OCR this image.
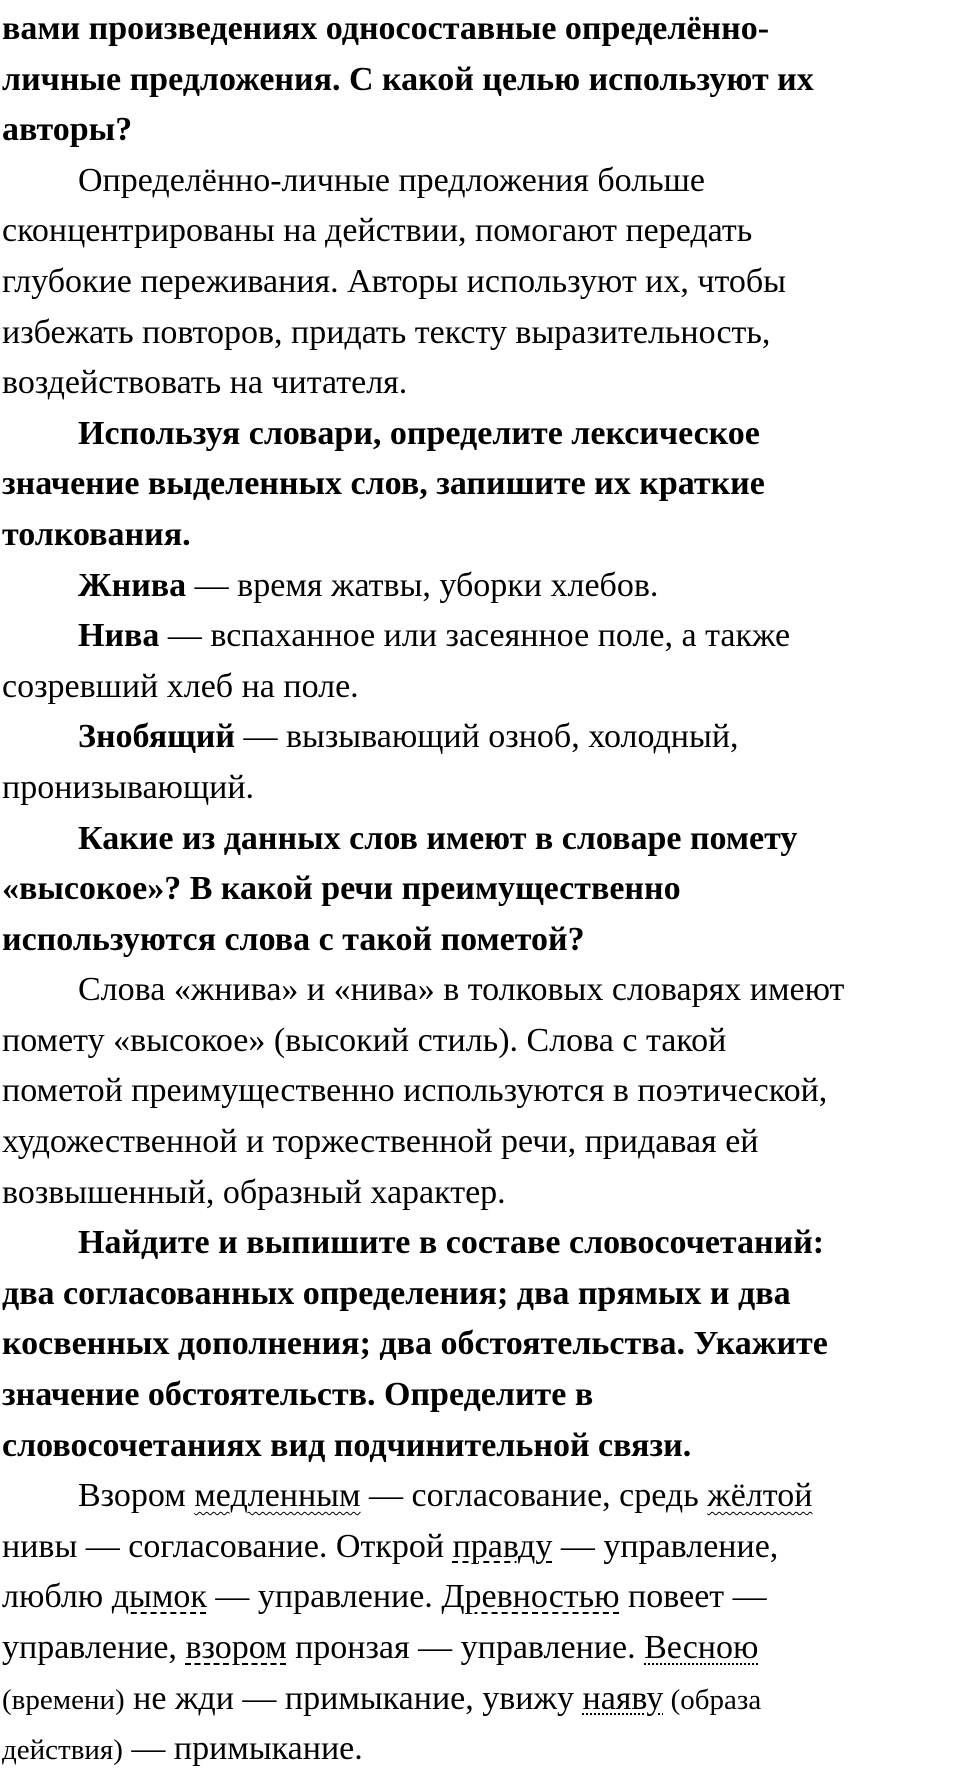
вами произведениях односоставные определённо-

личные предложения. С какой целью используют их

авторы?

Определённо-личные предложения больше

сконцентрированы на действии, помогают передать

глубокие переживания. Авторы используют их, чтобы

избежать повторов, придать тексту выразительность,

воздействовать на читателя.

Используя словари, определите лексическое

значение выделенных слов, запишите их краткие

толкования.

Жнива — время жатвы, уборки хлебов.

Нива — вспаханное или засеянное поле, а также

созревший хлеб на поле.

Знобящий — вызывающий озноб, холодный,

пронизывающий.

Какие из данных слов имеют в словаре помету

«высокое»? В какой речи преимущественно

используются слова с такой пометой?

Слова «жнива» и «нива» в толковых словарях имеют

помету «высокое» (высокий стиль). Слова с такой

пометой преимущественно используются в поэтической,

художественной и торжественной речи, придавая ей

возвышенный, образный характер.

Найдите и выпишите в составе словосочетаний:

два согласованных определения; два прямых и два

косвенных дополнения; два обстоятельства. Укажите

значение обстоятельств. Определите в

словосочетаниях вид подчинительной связи.

Взором медленным — согласование, средь жёлтой

нивы — согласование. Открой правду — управление,

люблю дымок — управление. Древностью повеет —

управление, взором пронзая — управление. Весною

(времени) не жди — примыкание, увижу наяву (образа

действия) — примыкание.
